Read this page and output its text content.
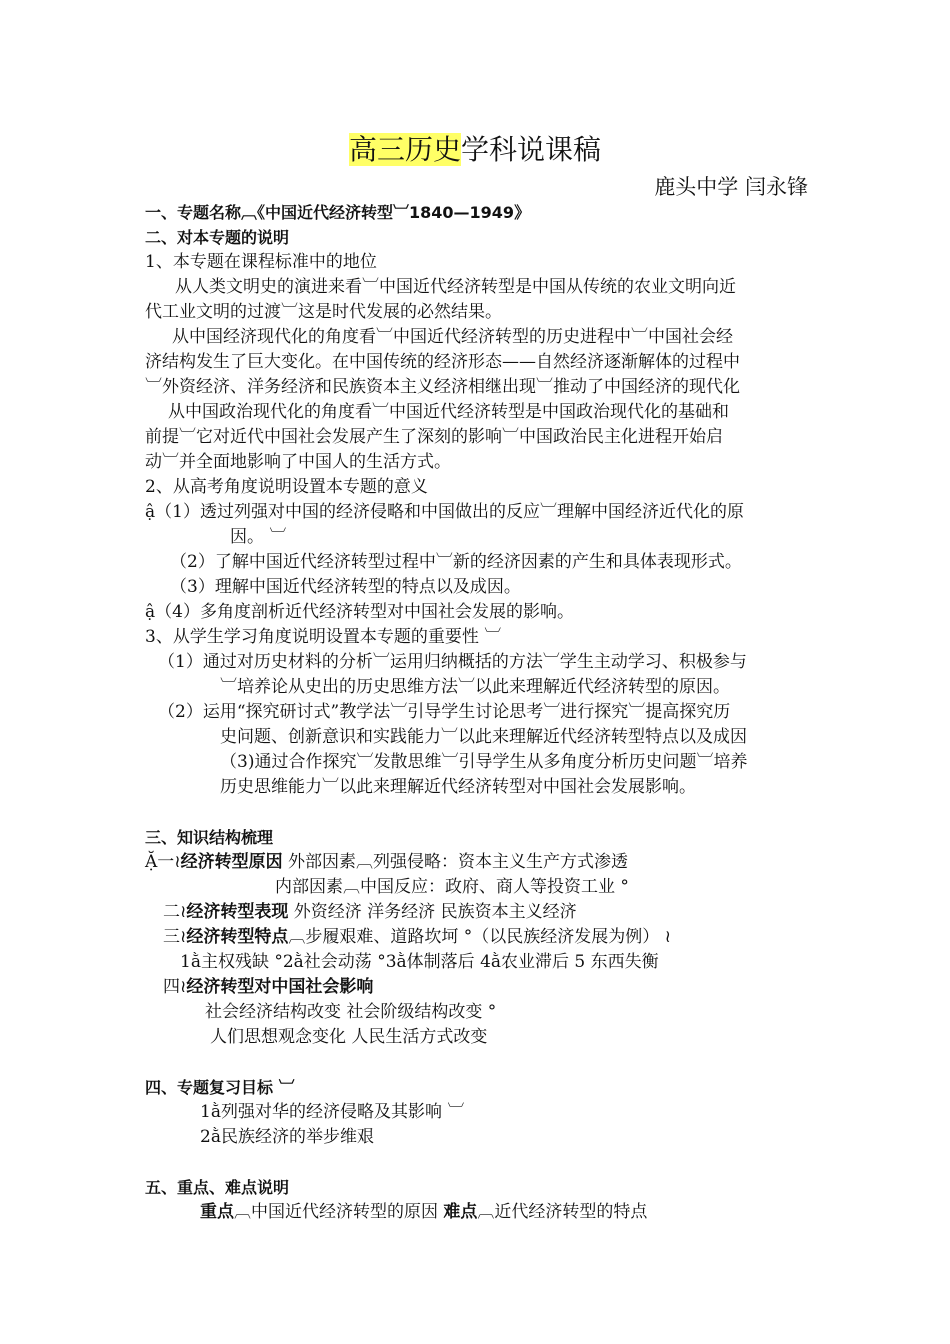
高三历史学科说课稿
鹿头中学 闫永锋
一、专题名称︹《中国近代经济转型︺1840—1949》
二、对本专题的说明
1、本专题在课程标准中的地位
从人类文明史的演进来看︺中国近代经济转型是中国从传统的农业文明向近
代工业文明的过渡︺这是时代发展的必然结果。
从中国经济现代化的角度看︺中国近代经济转型的历史进程中︺中国社会经
济结构发生了巨大变化。在中国传统的经济形态——自然经济逐渐解体的过程中
︺外资经济、洋务经济和民族资本主义经济相继出现︺推动了中国经济的现代化
从中国政治现代化的角度看︺中国近代经济转型是中国政治现代化的基础和
前提︺它对近代中国社会发展产生了深刻的影响︺中国政治民主化进程开始启
动︺并全面地影响了中国人的生活方式。
2、从高考角度说明设置本专题的意义
ậ（1）透过列强对中国的经济侵略和中国做出的反应︺理解中国经济近代化的原
因。 ︺
（2）了解中国近代经济转型过程中︺新的经济因素的产生和具体表现形式。
（3）理解中国近代经济转型的特点以及成因。
ậ（4）多角度剖析近代经济转型对中国社会发展的影响。
3、从学生学习角度说明设置本专题的重要性 ︺
（1）通过对历史材料的分析︺运用归纳概括的方法︺学生主动学习、积极参与
︺培养论从史出的历史思维方法︺以此来理解近代经济转型的原因。
（2）运用“探究研讨式”教学法︺引导学生讨论思考︺进行探究︺提高探究历
史问题、创新意识和实践能力︺以此来理解近代经济转型特点以及成因
（3)通过合作探究︺发散思维︺引导学生从多角度分析历史问题︺培养
历史思维能力︺以此来理解近代经济转型对中国社会发展影响。
三、知识结构梳理
Ặ一≀经济转型原因 外部因素︹列强侵略：资本主义生产方式渗透
内部因素︹中国反应：政府、商人等投资工业 °
二≀经济转型表现 外资经济 洋务经济 民族资本主义经济
三≀经济转型特点︹步履艰难、道路坎坷 °（以民族经济发展为例） ≀
1ằ主权残缺 °2ằ社会动荡 °3ằ体制落后 4ằ农业滞后 5 东西失衡
四≀经济转型对中国社会影响
社会经济结构改变 社会阶级结构改变 °
人们思想观念变化 人民生活方式改变
四、专题复习目标 ︺
1ằ列强对华的经济侵略及其影响 ︺
2ằ民族经济的举步维艰
五、重点、难点说明
重点︹中国近代经济转型的原因 难点︹近代经济转型的特点
